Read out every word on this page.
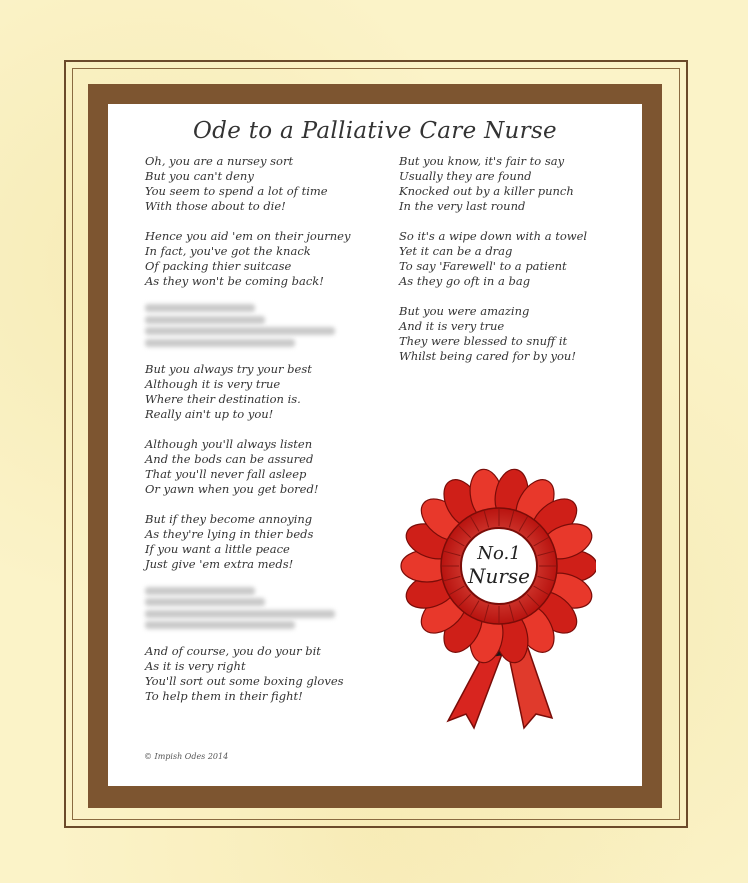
Ode to a Palliative Care Nurse
Oh, you are a nursey sort
But you can't deny
You seem to spend a lot of time
With those about to die!
Hence you aid 'em on their journey
In fact, you've got the knack
Of packing thier suitcase
As they won't be coming back!
But you always try your best
Although it is very true
Where their destination is.
Really ain't up to you!
Although you'll always listen
And the bods can be assured
That you'll never fall asleep
Or yawn when you get bored!
But if they become annoying
As they're lying in thier beds
If you want a little peace
Just give 'em extra meds!
And of course, you do your bit
As it is very right
You'll sort out some boxing gloves
To help them in their fight!
But you know, it's fair to say
Usually they are found
Knocked out by a killer punch
In the very last round
So it's a wipe down with a towel
Yet it can be a drag
To say 'Farewell' to a patient
As they go oft in a bag
But you were amazing
And it is very true
They were blessed to snuff it
Whilst being cared for by you!
© Impish Odes 2014
No.1
Nurse
